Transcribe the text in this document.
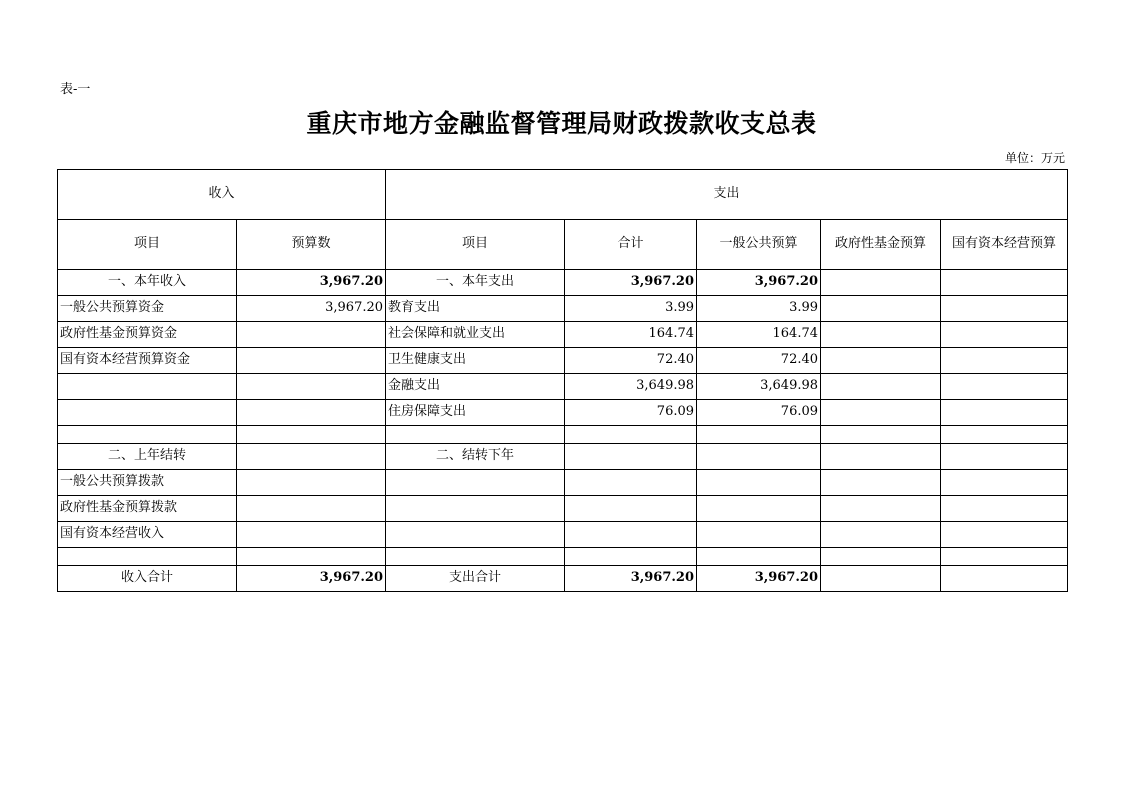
表-一
重庆市地方金融监督管理局财政拨款收支总表
单位：万元
收入		支出				
项目	预算数	项目	合计	一般公共预算	政府性基金预算	国有资本经营预算
一、本年收入	3,967.20	一、本年支出	3,967.20	3,967.20		
一般公共预算资金	3,967.20	教育支出	3.99	3.99		
政府性基金预算资金		社会保障和就业支出	164.74	164.74		
国有资本经营预算资金		卫生健康支出	72.40	72.40		
		金融支出	3,649.98	3,649.98		
		住房保障支出	76.09	76.09		

二、上年结转		二、结转下年				
一般公共预算拨款						
政府性基金预算拨款						
国有资本经营收入						

收入合计	3,967.20	支出合计	3,967.20	3,967.20		
